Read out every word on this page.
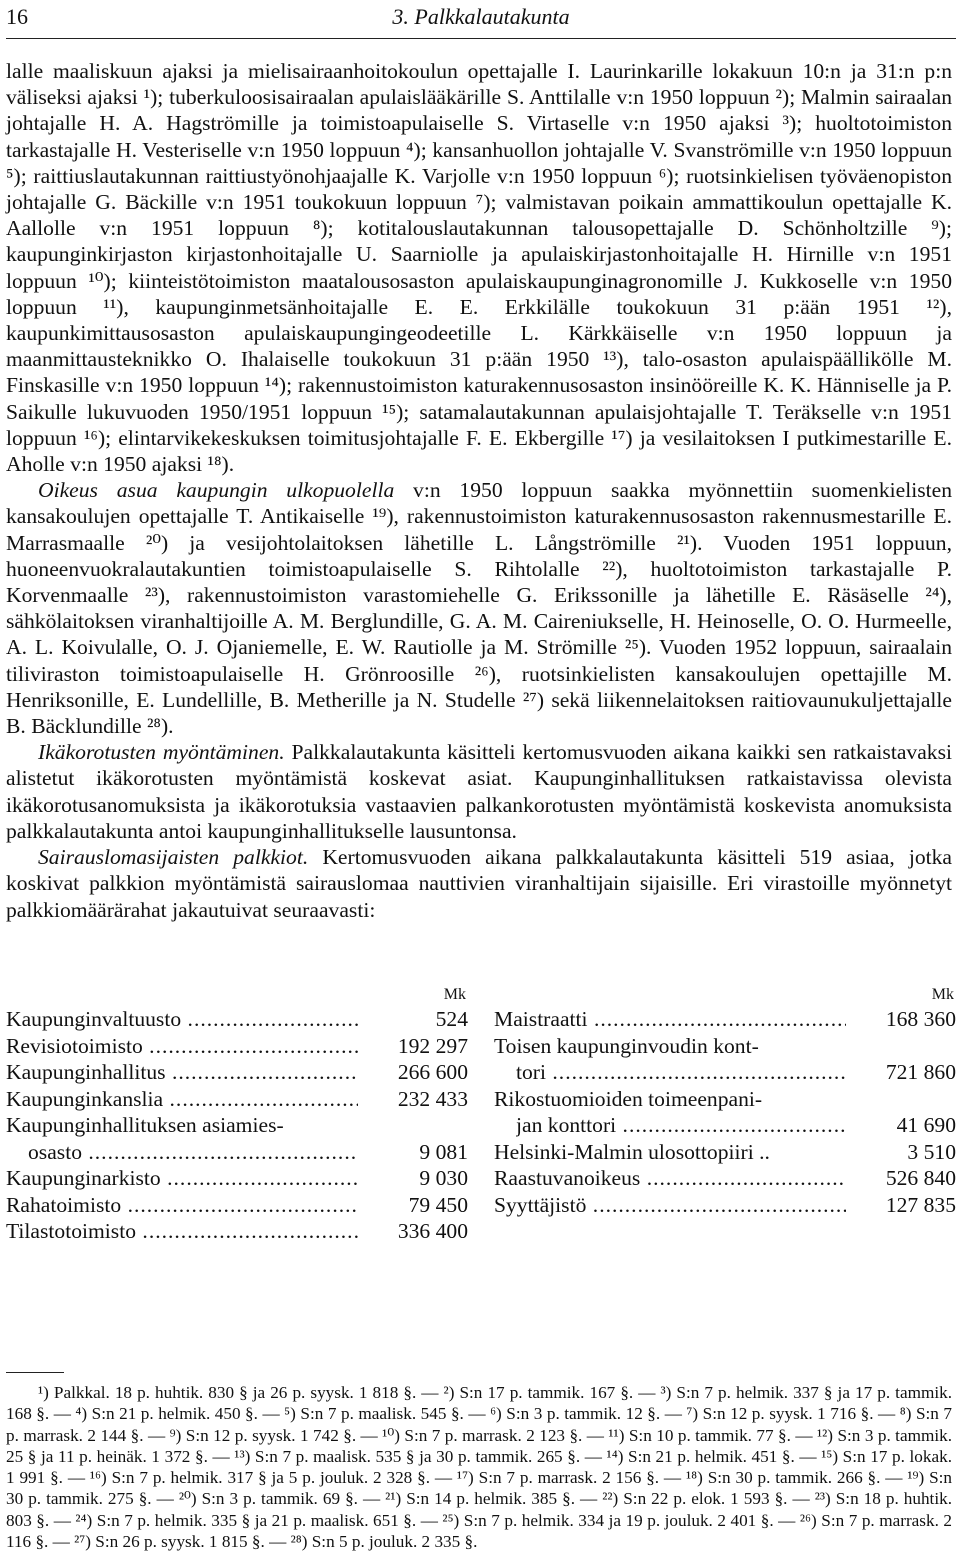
16	3. Palkkalautakunta

lalle maaliskuun ajaksi ja mielisairaanhoitokoulun opettajalle I. Laurinkarille lokakuun 10:n ja 31:n p:n väliseksi ajaksi ¹); tuberkuloosisairaalan apulaislääkärille S. Anttilalle v:n 1950 loppuun ²); Malmin sairaalan johtajalle H. A. Hagströmille ja toimistoapulaiselle S. Virtaselle v:n 1950 ajaksi ³); huoltotoimiston tarkastajalle H. Vesteriselle v:n 1950 loppuun ⁴); kansanhuollon johtajalle V. Svanströmille v:n 1950 loppuun ⁵); raittiuslautakunnan raittiustyönohjaajalle K. Varjolle v:n 1950 loppuun ⁶); ruotsinkielisen työväenopiston johtajalle G. Bäckille v:n 1951 toukokuun loppuun ⁷); valmistavan poikain ammattikoulun opettajalle K. Aallolle v:n 1951 loppuun ⁸); kotitalouslautakunnan talousopettajalle D. Schönholtzille ⁹); kaupunginkirjaston kirjastonhoitajalle U. Saarniolle ja apulaiskirjastonhoitajalle H. Hirnille v:n 1951 loppuun ¹⁰); kiinteistötoimiston maatalousosaston apulaiskaupunginagronomille J. Kukkoselle v:n 1950 loppuun ¹¹), kaupunginmetsänhoitajalle E. E. Erkkilälle toukokuun 31 p:ään 1951 ¹²), kaupunkimittausosaston apulaiskaupungingeodeetille L. Kärkkäiselle v:n 1950 loppuun ja maanmittausteknikko O. Ihalaiselle toukokuun 31 p:ään 1950 ¹³), talo-osaston apulaispäällikölle M. Finskasille v:n 1950 loppuun ¹⁴); rakennustoimiston katurakennusosaston insinööreille K. K. Hänniselle ja P. Saikulle lukuvuoden 1950/1951 loppuun ¹⁵); satamalautakunnan apulaisjohtajalle T. Teräkselle v:n 1951 loppuun ¹⁶); elintarvikekeskuksen toimitusjohtajalle F. E. Ekbergille ¹⁷) ja vesilaitoksen I putkimestarille E. Aholle v:n 1950 ajaksi ¹⁸).

Oikeus asua kaupungin ulkopuolella v:n 1950 loppuun saakka myönnettiin suomenkielisten kansakoulujen opettajalle T. Antikaiselle ¹⁹), rakennustoimiston katurakennusosaston rakennusmestarille E. Marrasmaalle ²⁰) ja vesijohtolaitoksen lähetille L. Långströmille ²¹). Vuoden 1951 loppuun, huoneenvuokralautakuntien toimistoapulaiselle S. Rihtolalle ²²), huoltotoimiston tarkastajalle P. Korvenmaalle ²³), rakennustoimiston varastomiehelle G. Erikssonille ja lähetille E. Räsäselle ²⁴), sähkölaitoksen viranhaltijoille A. M. Berglundille, G. A. M. Caireniukselle, H. Heinoselle, O. O. Hurmeelle, A. L. Koivulalle, O. J. Ojaniemelle, E. W. Rautiolle ja M. Strömille ²⁵). Vuoden 1952 loppuun, sairaalain tiliviraston toimistoapulaiselle H. Grönroosille ²⁶), ruotsinkielisten kansakoulujen opettajille M. Henriksonille, E. Lundellille, B. Metherille ja N. Studelle ²⁷) sekä liikennelaitoksen raitiovaunukuljettajalle B. Bäcklundille ²⁸).

Ikäkorotusten myöntäminen. Palkkalautakunta käsitteli kertomusvuoden aikana kaikki sen ratkaistavaksi alistetut ikäkorotusten myöntämistä koskevat asiat. Kaupunginhallituksen ratkaistavissa olevista ikäkorotusanomuksista ja ikäkorotuksia vastaavien palkankorotusten myöntämistä koskevista anomuksista palkkalautakunta antoi kaupunginhallitukselle lausuntonsa.

Sairauslomasijaisten palkkiot. Kertomusvuoden aikana palkkalautakunta käsitteli 519 asiaa, jotka koskivat palkkion myöntämistä sairauslomaa nauttivien viranhaltijain sijaisille. Eri virastoille myönnetyt palkkiomäärärahat jakautuivat seuraavasti:

Mk
Kaupunginvaltuusto .....	524
Revisiotoimisto .....	192 297
Kaupunginhallitus .....	266 600
Kaupunginkanslia .....	232 433
Kaupunginhallituksen asiamies-
osasto .....	9 081
Kaupunginarkisto .....	9 030
Rahatoimisto .....	79 450
Tilastotoimisto .....	336 400
Mk
Maistraatti .....	168 360
Toisen kaupunginvoudin kont-
tori .....	721 860
Rikostuomioiden toimeenpani-
jan konttori .....	41 690
Helsinki-Malmin ulosottopiiri ..	3 510
Raastuvanoikeus .....	526 840
Syyttäjistö .....	127 835

¹) Palkkal. 18 p. huhtik. 830 § ja 26 p. syysk. 1 818 §. — ²) S:n 17 p. tammik. 167 §. — ³) S:n 7 p. helmik. 337 § ja 17 p. tammik. 168 §. — ⁴) S:n 21 p. helmik. 450 §. — ⁵) S:n 7 p. maalisk. 545 §. — ⁶) S:n 3 p. tammik. 12 §. — ⁷) S:n 12 p. syysk. 1 716 §. — ⁸) S:n 7 p. marrask. 2 144 §. — ⁹) S:n 12 p. syysk. 1 742 §. — ¹⁰) S:n 7 p. marrask. 2 123 §. — ¹¹) S:n 10 p. tammik. 77 §. — ¹²) S:n 3 p. tammik. 25 § ja 11 p. heinäk. 1 372 §. — ¹³) S:n 7 p. maalisk. 535 § ja 30 p. tammik. 265 §. — ¹⁴) S:n 21 p. helmik. 451 §. — ¹⁵) S:n 17 p. lokak. 1 991 §. — ¹⁶) S:n 7 p. helmik. 317 § ja 5 p. jouluk. 2 328 §. — ¹⁷) S:n 7 p. marrask. 2 156 §. — ¹⁸) S:n 30 p. tammik. 266 §. — ¹⁹) S:n 30 p. tammik. 275 §. — ²⁰) S:n 3 p. tammik. 69 §. — ²¹) S:n 14 p. helmik. 385 §. — ²²) S:n 22 p. elok. 1 593 §. — ²³) S:n 18 p. huhtik. 803 §. — ²⁴) S:n 7 p. helmik. 335 § ja 21 p. maalisk. 651 §. — ²⁵) S:n 7 p. helmik. 334 ja 19 p. jouluk. 2 401 §. — ²⁶) S:n 7 p. marrask. 2 116 §. — ²⁷) S:n 26 p. syysk. 1 815 §. — ²⁸) S:n 5 p. jouluk. 2 335 §.
